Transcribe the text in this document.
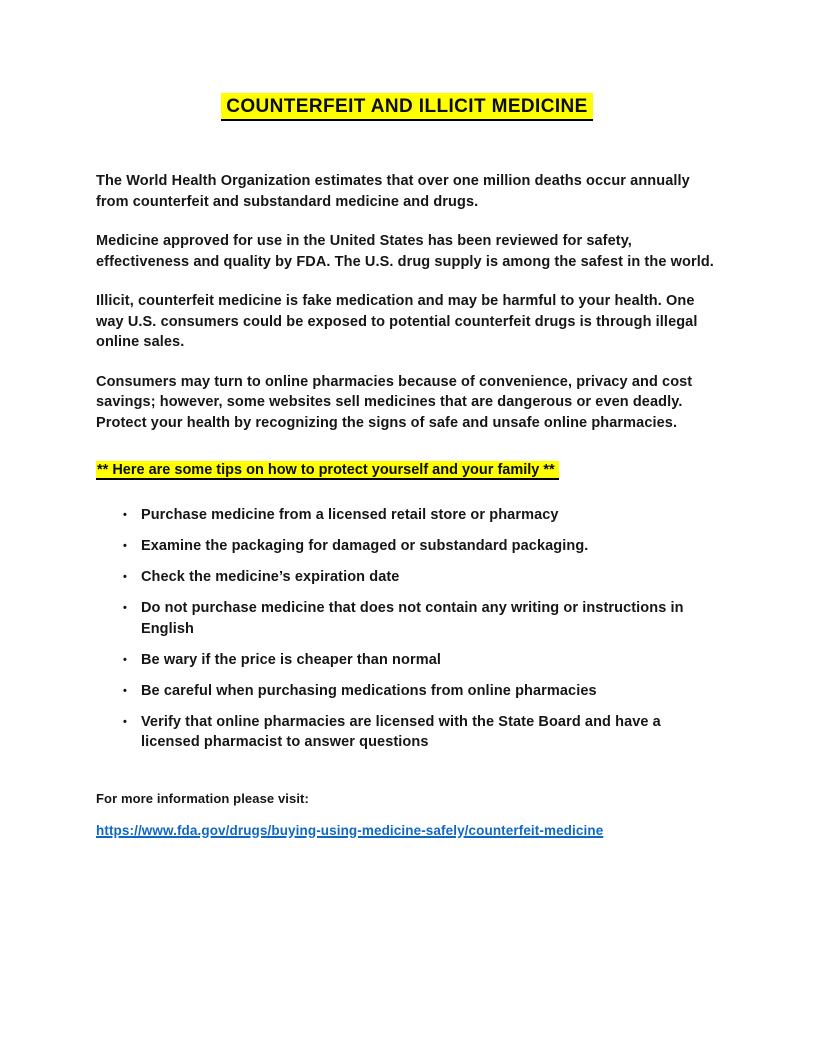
COUNTERFEIT AND ILLICIT MEDICINE

The World Health Organization estimates that over one million deaths occur annually from counterfeit and substandard medicine and drugs.

Medicine approved for use in the United States has been reviewed for safety, effectiveness and quality by FDA. The U.S. drug supply is among the safest in the world.

Illicit, counterfeit medicine is fake medication and may be harmful to your health. One way U.S. consumers could be exposed to potential counterfeit drugs is through illegal online sales.

Consumers may turn to online pharmacies because of convenience, privacy and cost savings; however, some websites sell medicines that are dangerous or even deadly. Protect your health by recognizing the signs of safe and unsafe online pharmacies.

** Here are some tips on how to protect yourself and your family **
• Purchase medicine from a licensed retail store or pharmacy
• Examine the packaging for damaged or substandard packaging.
• Check the medicine’s expiration date
• Do not purchase medicine that does not contain any writing or instructions in English
• Be wary if the price is cheaper than normal
• Be careful when purchasing medications from online pharmacies
• Verify that online pharmacies are licensed with the State Board and have a licensed pharmacist to answer questions

For more information please visit:

https://www.fda.gov/drugs/buying-using-medicine-safely/counterfeit-medicine
